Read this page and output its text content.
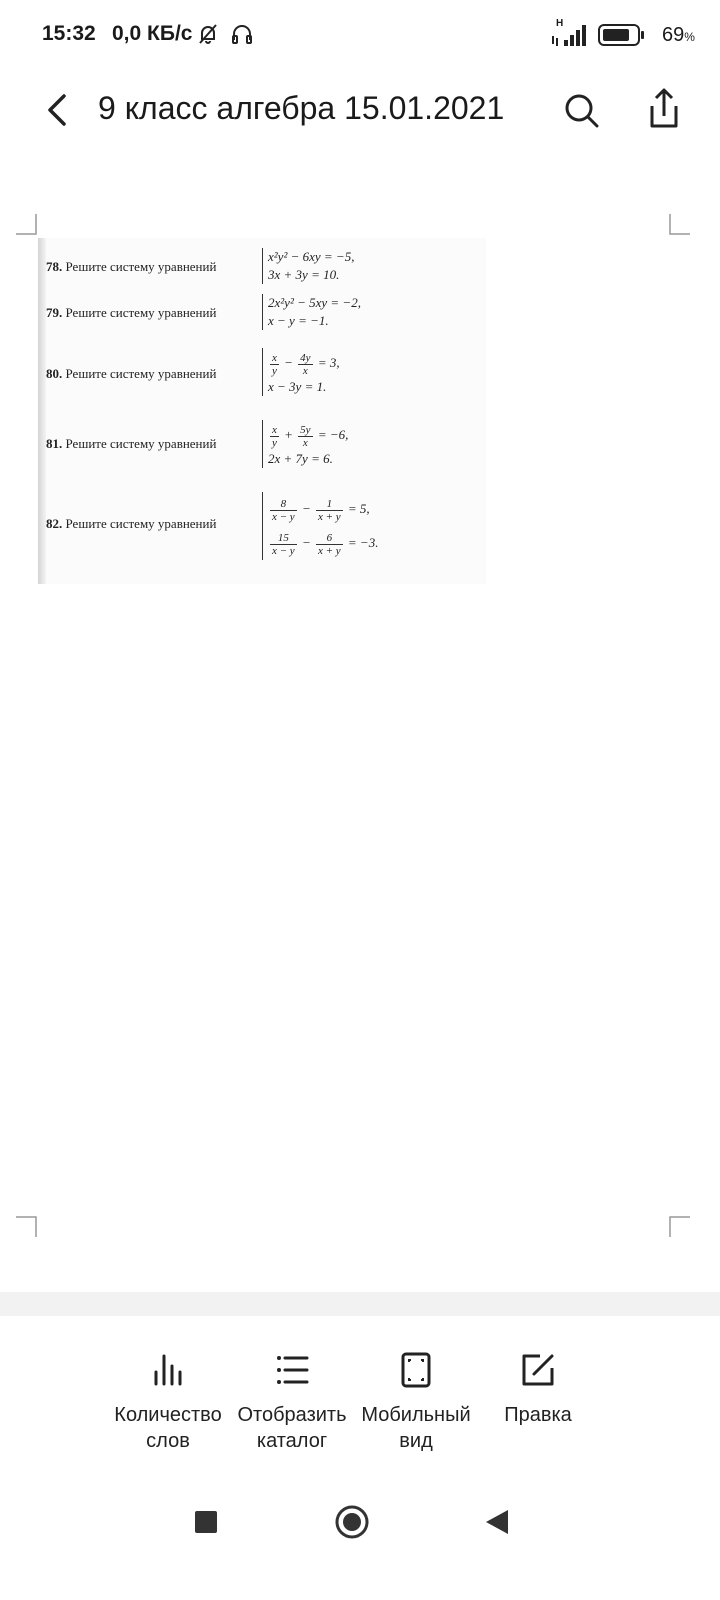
15:32 0,0 КБ/с	H
69%
9 класс алгебра 15.01.2021
78. Решите систему уравнений
x²y² − 6xy = −5,
3x + 3y = 10.
79. Решите систему уравнений
2x²y² − 5xy = −2,
x − y = −1.
80. Решите систему уравнений	$\frac{x}{y} - \frac{4y}{x} = 3$,
x − 3y = 1.
81. Решите систему уравнений	$\frac{x}{y} + \frac{5y}{x} = -6$,
2x + 7y = 6.
82. Решите систему уравнений
$\frac{8}{x - y} - \frac{1}{x + y} = 5$,
$\frac{15}{x - y} - \frac{6}{x + y} = -3$.
Количество слов
Отобразить каталог
Мобильный вид
Правка
